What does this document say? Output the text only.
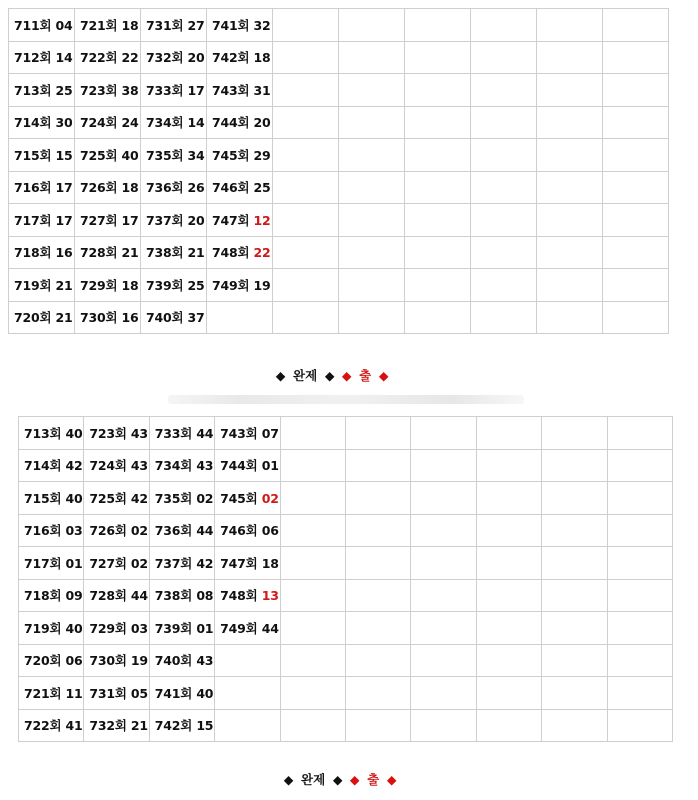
711회 04	721회 18	731회 27	741회 32						
712회 14	722회 22	732회 20	742회 18						
713회 25	723회 38	733회 17	743회 31						
714회 30	724회 24	734회 14	744회 20						
715회 15	725회 40	735회 34	745회 29						
716회 17	726회 18	736회 26	746회 25						
717회 17	727회 17	737회 20	747회 12						
718회 16	728회 21	738회 21	748회 22						
719회 21	729회 18	739회 25	749회 19						
720회 21	730회 16	740회 37							
◆ 완제 ◆ ◆ 출 ◆
713회 40	723회 43	733회 44	743회 07						
714회 42	724회 43	734회 43	744회 01						
715회 40	725회 42	735회 02	745회 02						
716회 03	726회 02	736회 44	746회 06						
717회 01	727회 02	737회 42	747회 18						
718회 09	728회 44	738회 08	748회 13						
719회 40	729회 03	739회 01	749회 44						
720회 06	730회 19	740회 43							
721회 11	731회 05	741회 40							
722회 41	732회 21	742회 15							
◆ 완제 ◆ ◆ 출 ◆
